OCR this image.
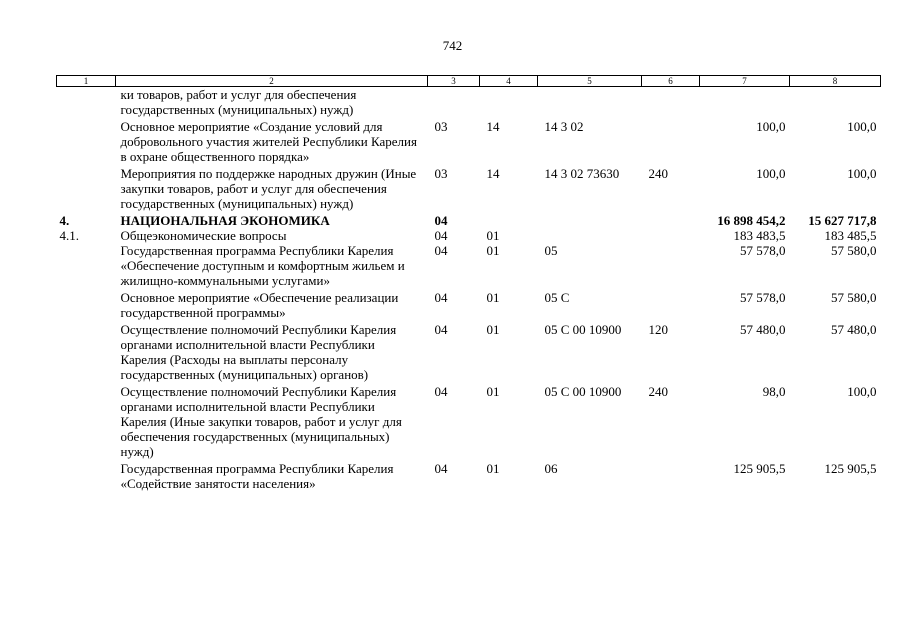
742
1	2	3	4	5	6	7	8
	ки товаров, работ и услуг для обеспечения государственных (муниципальных) нужд)						
	Основное мероприятие «Создание условий для добровольного участия жителей Республики Карелия в охране общественного порядка»	03	14	14 3 02		100,0	100,0
	Мероприятия по поддержке народных дружин (Иные закупки товаров, работ и услуг для обеспечения государственных (муниципальных) нужд)	03	14	14 3 02 73630	240	100,0	100,0
4.	НАЦИОНАЛЬНАЯ ЭКОНОМИКА	04				16 898 454,2	15 627 717,8
4.1.	Общеэкономические вопросы	04	01			183 483,5	183 485,5
	Государственная программа Республики Карелия «Обеспечение доступным и комфортным жильем и жилищно-коммунальными услугами»	04	01	05		57 578,0	57 580,0
	Основное мероприятие «Обеспечение реализации государственной программы»	04	01	05 С		57 578,0	57 580,0
	Осуществление полномочий Республики Карелия органами исполнительной власти Республики Карелия (Расходы на выплаты персоналу государственных (муниципальных) органов)	04	01	05 С 00 10900	120	57 480,0	57 480,0
	Осуществление полномочий Республики Карелия органами исполнительной власти Республики Карелия (Иные закупки товаров, работ и услуг для обеспечения государственных (муниципальных) нужд)	04	01	05 С 00 10900	240	98,0	100,0
	Государственная программа Республики Карелия «Содействие занятости населения»	04	01	06		125 905,5	125 905,5
